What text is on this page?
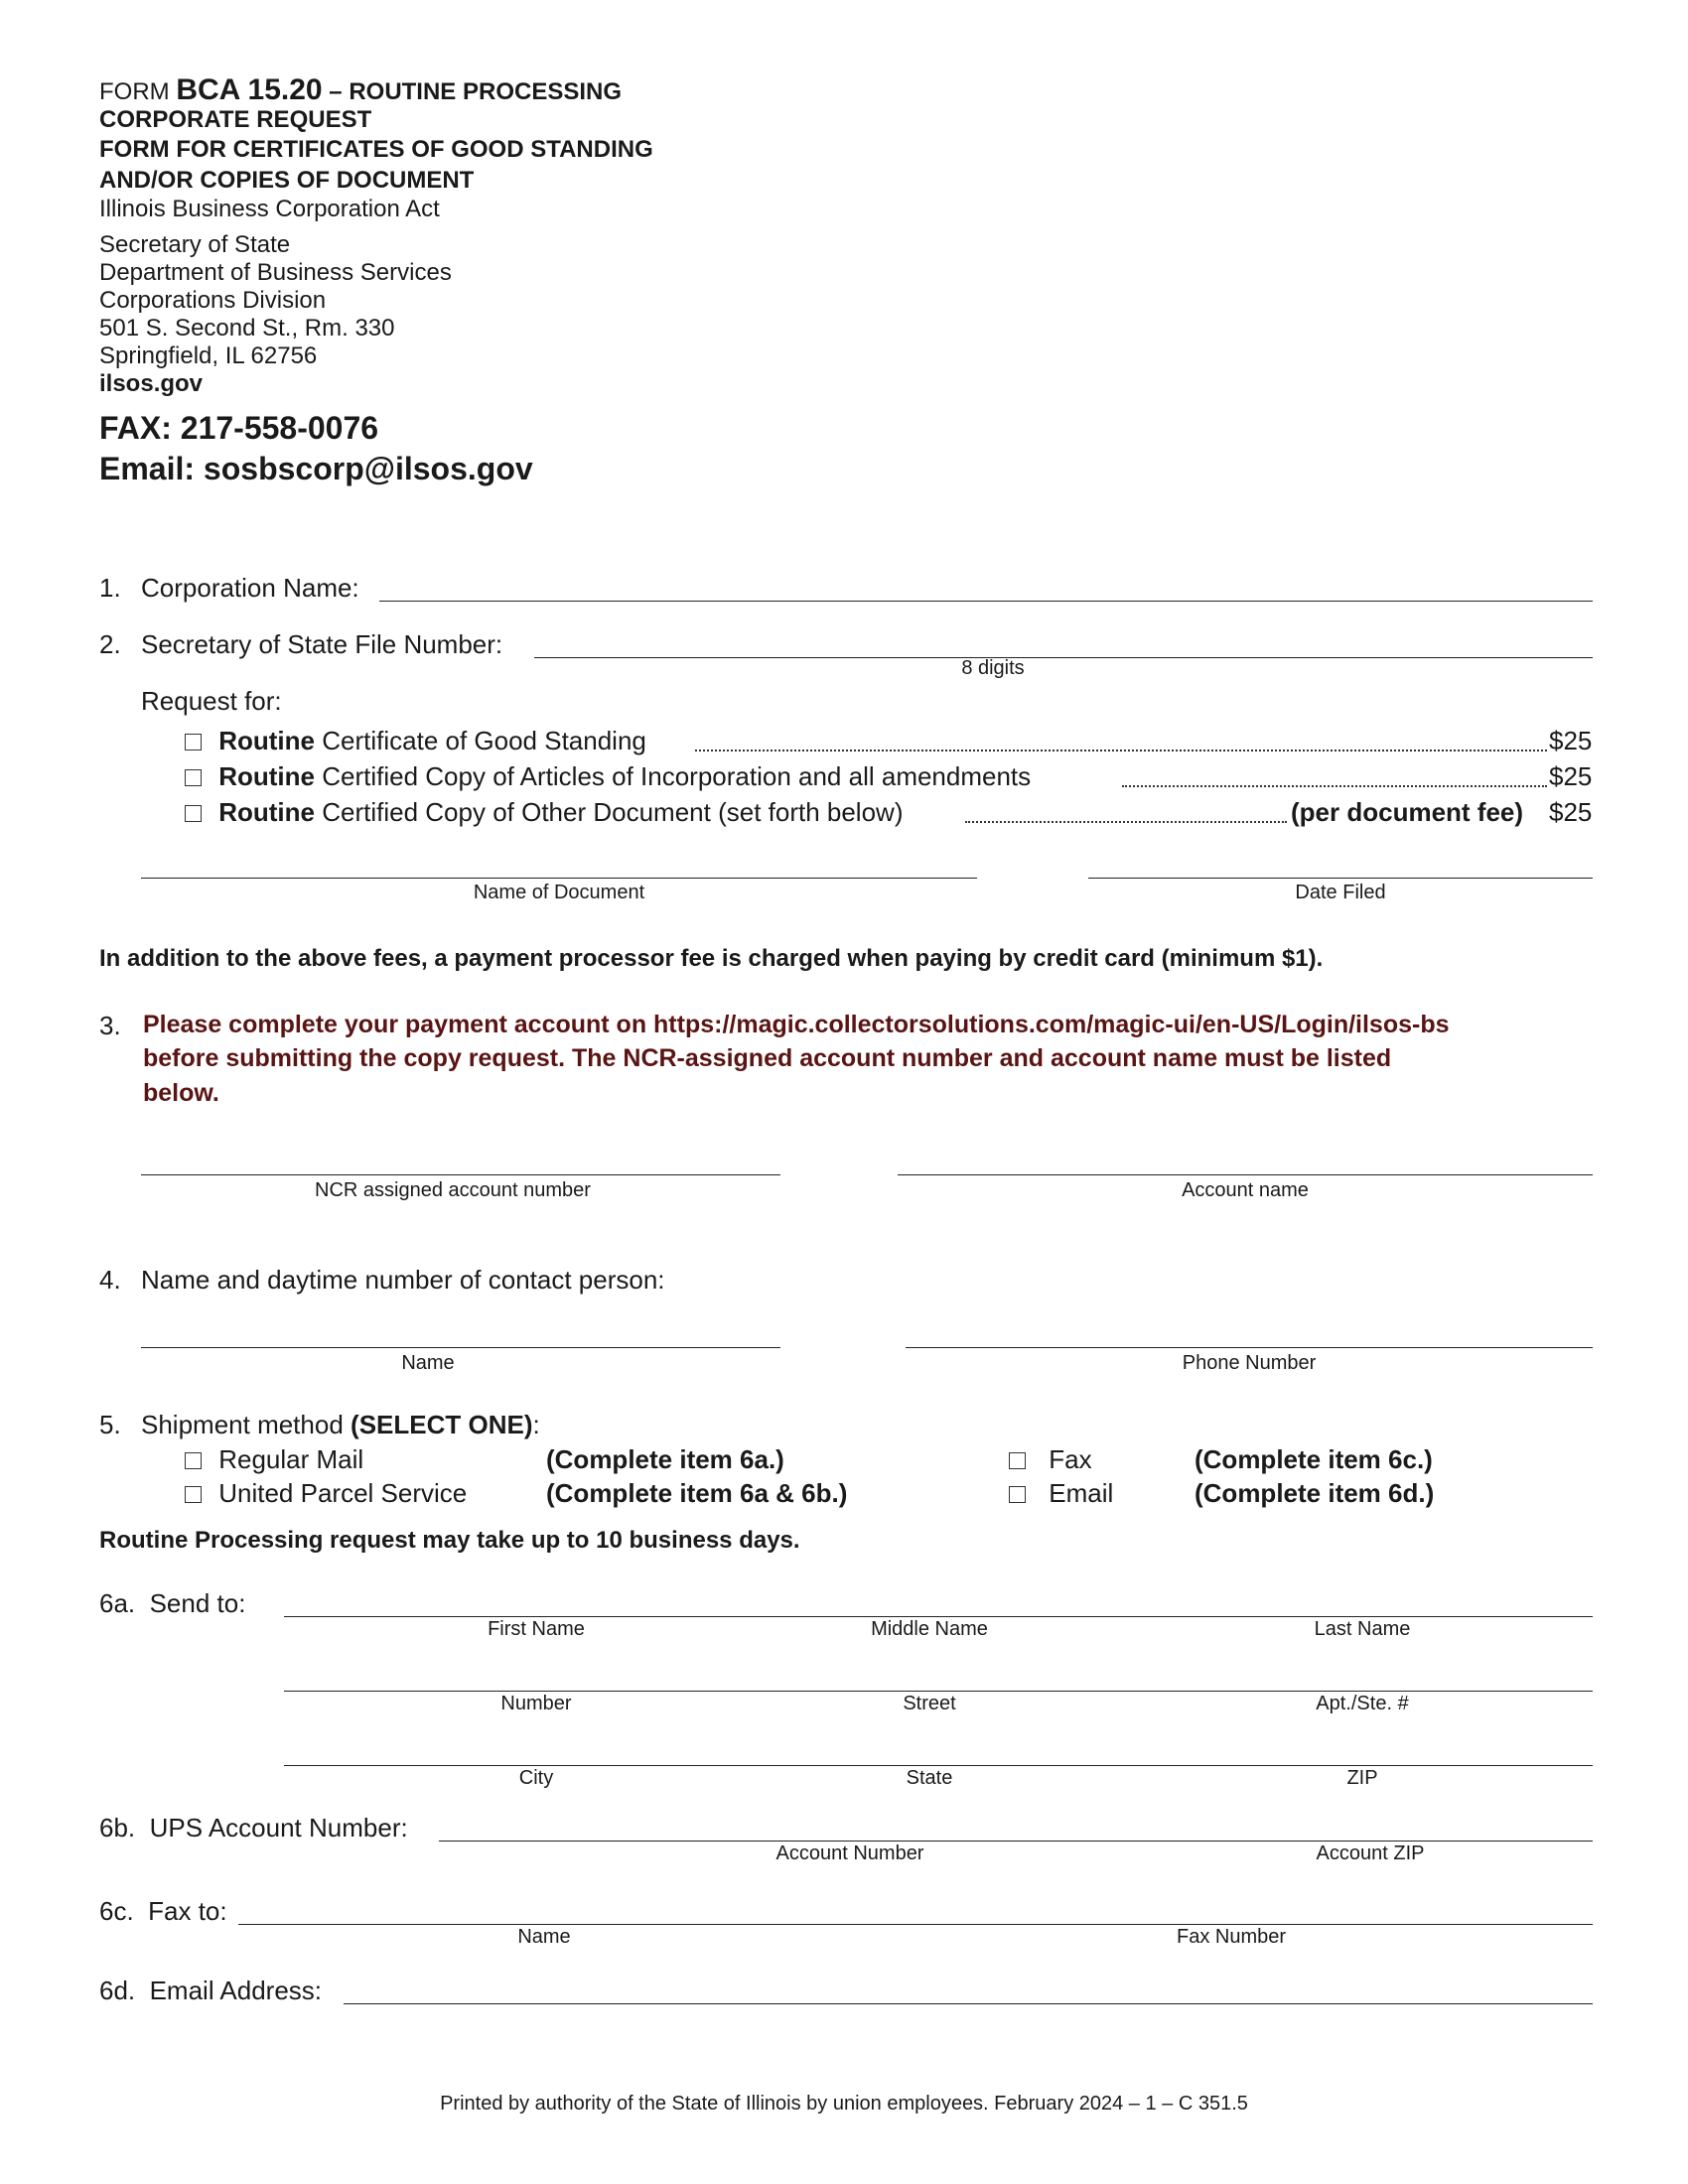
FORM BCA 15.20 – ROUTINE PROCESSING
CORPORATE REQUEST
FORM FOR CERTIFICATES OF GOOD STANDING
AND/OR COPIES OF DOCUMENT
Illinois Business Corporation Act
Secretary of State
Department of Business Services
Corporations Division
501 S. Second St., Rm. 330
Springfield, IL 62756
ilsos.gov
FAX: 217-558-0076
Email: sosbscorp@ilsos.gov
1. Corporation Name:
2. Secretary of State File Number:
8 digits
Request for:
Routine Certificate of Good Standing	$25
Routine Certified Copy of Articles of Incorporation and all amendments	$25
Routine Certified Copy of Other Document (set forth below)	(per document fee) $25
Name of Document	Date Filed
In addition to the above fees, a payment processor fee is charged when paying by credit card (minimum $1).
3. Please complete your payment account on https://magic.collectorsolutions.com/magic-ui/en-US/Login/ilsos-bs
before submitting the copy request. The NCR-assigned account number and account name must be listed
below.
NCR assigned account number	Account name
4. Name and daytime number of contact person:
Name	Phone Number
5. Shipment method (SELECT ONE):
Regular Mail	(Complete item 6a.)
United Parcel Service	(Complete item 6a & 6b.)
Fax	(Complete item 6c.)
Email	(Complete item 6d.)
Routine Processing request may take up to 10 business days.
6a.  Send to:
First Name	Middle Name	Last Name
Number	Street	Apt./Ste. #
City	State	ZIP
6b.  UPS Account Number:
Account Number	Account ZIP
6c.  Fax to:
Name	Fax Number
6d.  Email Address:
Printed by authority of the State of Illinois by union employees. February 2024 – 1 – C 351.5
